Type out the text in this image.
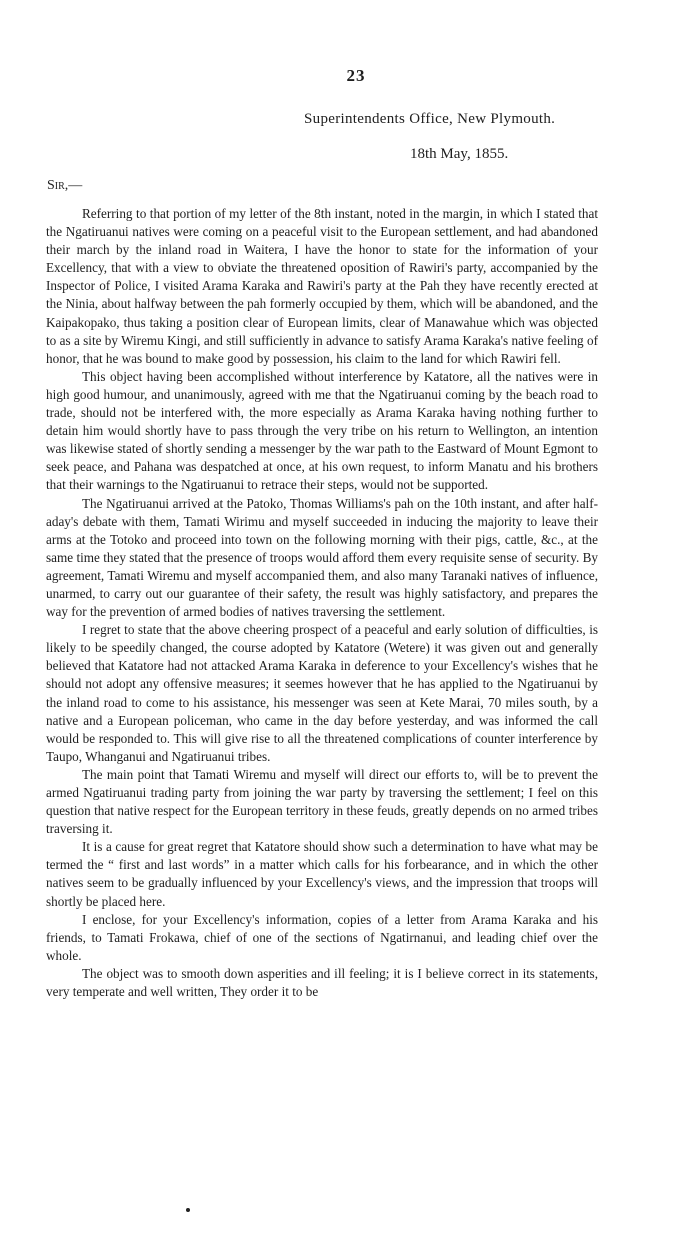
23
Superintendents Office, New Plymouth.
18th May, 1855.
Sir,—

Referring to that portion of my letter of the 8th instant, noted in the margin, in which I stated that the Ngatiruanui natives were coming on a peaceful visit to the European settlement, and had abandoned their march by the inland road in Waitera, I have the honor to state for the information of your Excellency, that with a view to obviate the threatened oposition of Rawiri's party, accompanied by the Inspector of Police, I visited Arama Karaka and Rawiri's party at the Pah they have recently erected at the Ninia, about halfway between the pah formerly occupied by them, which will be abandoned, and the Kaipakopako, thus taking a position clear of European limits, clear of Manawahue which was objected to as a site by Wiremu Kingi, and still sufficiently in advance to satisfy Arama Karaka's native feeling of honor, that he was bound to make good by possession, his claim to the land for which Rawiri fell.

This object having been accomplished without interference by Katatore, all the natives were in high good humour, and unanimously, agreed with me that the Ngatiruanui coming by the beach road to trade, should not be interfered with, the more especially as Arama Karaka having nothing further to detain him would shortly have to pass through the very tribe on his return to Wellington, an intention was likewise stated of shortly sending a messenger by the war path to the Eastward of Mount Egmont to seek peace, and Pahana was despatched at once, at his own request, to inform Manatu and his brothers that their warnings to the Ngatiruanui to retrace their steps, would not be supported.

The Ngatiruanui arrived at the Patoko, Thomas Williams's pah on the 10th instant, and after half-aday's debate with them, Tamati Wirimu and myself succeeded in inducing the majority to leave their arms at the Totoko and proceed into town on the following morning with their pigs, cattle, &c., at the same time they stated that the presence of troops would afford them every requisite sense of security. By agreement, Tamati Wiremu and myself accompanied them, and also many Taranaki natives of influence, unarmed, to carry out our guarantee of their safety, the result was highly satisfactory, and prepares the way for the prevention of armed bodies of natives traversing the settlement.

I regret to state that the above cheering prospect of a peaceful and early solution of difficulties, is likely to be speedily changed, the course adopted by Katatore (Wetere) it was given out and generally believed that Katatore had not attacked Arama Karaka in deference to your Excellency's wishes that he should not adopt any offensive measures; it seemes however that he has applied to the Ngatiruanui by the inland road to come to his assistance, his messenger was seen at Kete Marai, 70 miles south, by a native and a European policeman, who came in the day before yesterday, and was informed the call would be responded to. This will give rise to all the threatened complications of counter interference by Taupo, Whanganui and Ngatiruanui tribes.

The main point that Tamati Wiremu and myself will direct our efforts to, will be to prevent the armed Ngatiruanui trading party from joining the war party by traversing the settlement; I feel on this question that native respect for the European territory in these feuds, greatly depends on no armed tribes traversing it.

It is a cause for great regret that Katatore should show such a determination to have what may be termed the “ first and last words” in a matter which calls for his forbearance, and in which the other natives seem to be gradually influenced by your Excellency's views, and the impression that troops will shortly be placed here.

I enclose, for your Excellency's information, copies of a letter from Arama Karaka and his friends, to Tamati Frokawa, chief of one of the sections of Ngatirnanui, and leading chief over the whole.

The object was to smooth down asperities and ill feeling; it is I believe correct in its statements, very temperate and well written, They order it to be
